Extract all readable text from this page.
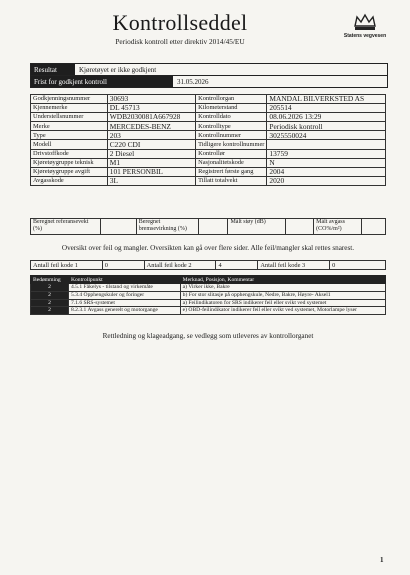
Kontrollseddel
Periodisk kontroll etter direktiv 2014/45/EU
Statens vegvesen
Resultat	Kjøretøyet er ikke godkjent
Frist for godkjent kontroll	31.05.2026
Godkjenningsnummer	30693	Kontrollorgan	MANDAL BILVERKSTED AS
Kjennemerke	DL 45713	Kilometerstand	205514
Understellsnummer	WDB2030081A667928	Kontrolldato	08.06.2026 13:29
Merke	MERCEDES-BENZ	Kontrolltype	Periodisk kontroll
Type	203	Kontrollnummer	3025550024
Modell	C220 CDI	Tidligere kontrollnummer	
Drivstoffkode	2 Diesel	Kontrollør	13759
Kjøretøygruppe teknisk	M1	Nasjonalitetskode	N
Kjøretøygruppe avgift	101 PERSONBIL	Registrert første gang	2004
Avgasskode	3L	Tillatt totalvekt	2020
Beregnet referansevekt (%)		Beregnet bremsevirkning (%)		Målt støy (dB)		Målt avgass (CO%/m²)	
Oversikt over feil og mangler. Oversikten kan gå over flere sider. Alle feil/mangler skal rettes snarest.
Antall feil kode 1	0	Antall feil kode 2	4	Antall feil kode 3	0
Bedømming	Kontrollpunkt	Merknad, Posisjon, Kommentar
2	4.5.1 Fåkelys - tilstand og virkemåte	a) Virker ikke, Bakre
2	5.3.4 Opphengskuler og foringer	b) For stor slitasje på opphengskule, Nedre, Bakre, Høyre- Aksel1
2	7.1.6 SRS-systemet	a) Feilindikatoren for SRS indikerer feil eller svikt ved systemet
2	8.2.3.1 Avgass generelt og motorgange	e) OBD-feilindikator indikerer feil eller svikt ved systemet, Motorlampe lyser
Rettledning og klageadgang, se vedlegg som utleveres av kontrollorganet
1
